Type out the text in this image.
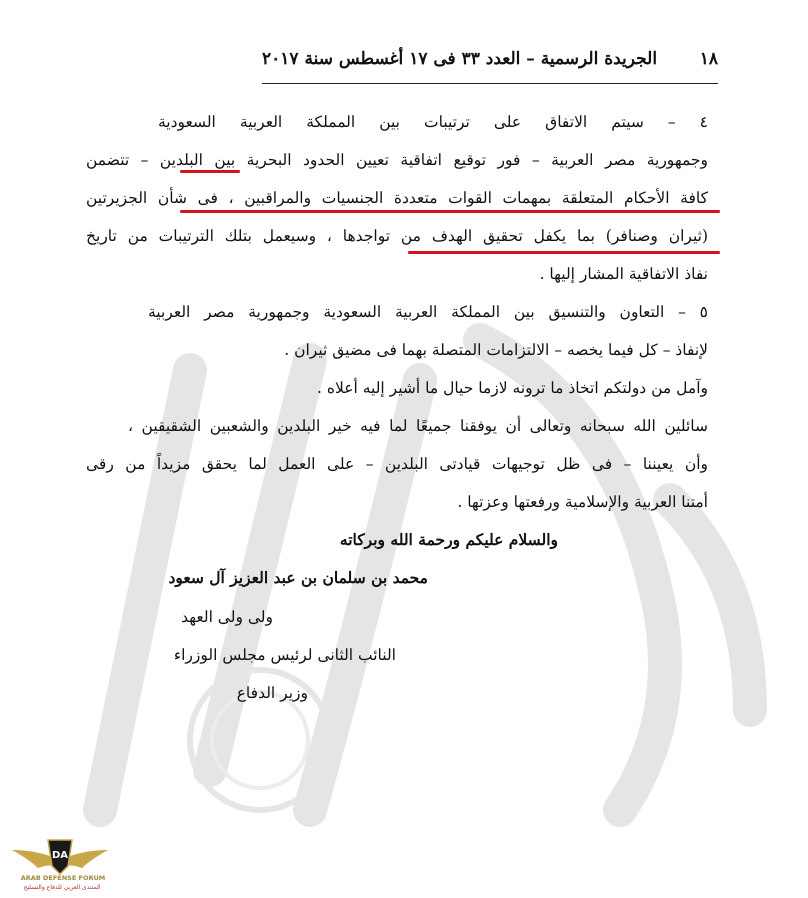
١٨
الجريدة الرسمية – العدد ٣٣ فى ١٧ أغسطس سنة ٢٠١٧
٤ – سيتم الاتفاق على ترتيبات بين المملكة العربية السعودية
وجمهورية مصر العربية – فور توقيع اتفاقية تعيين الحدود البحرية بين البلدين – تتضمن
كافة الأحكام المتعلقة بمهمات القوات متعددة الجنسيات والمراقبين ، فى شأن الجزيرتين
(ثيران وصنافر) بما يكفل تحقيق الهدف من تواجدها ، وسيعمل بتلك الترتيبات من تاريخ
نفاذ الاتفاقية المشار إليها .
٥ – التعاون والتنسيق بين المملكة العربية السعودية وجمهورية مصر العربية
لإنفاذ – كل فيما يخصه – الالتزامات المتصلة بهما فى مضيق ثيران .
وآمل من دولتكم اتخاذ ما ترونه لازما حيال ما أشير إليه أعلاه .
سائلين الله سبحانه وتعالى أن يوفقنا جميعًا لما فيه خير البلدين والشعبين الشقيقين ،
وأن يعيننا – فى ظل توجيهات قيادتى البلدين – على العمل لما يحقق مزيداً من رقى
أمتنا العربية والإسلامية ورفعتها وعزتها .
والسلام عليكم ورحمة الله وبركاته
محمد بن سلمان بن عبد العزيز آل سعود
ولى ولى العهد
النائب الثانى لرئيس مجلس الوزراء
وزير الدفاع
DA
ARAB DEFENSE FORUM
المنتدى العربي للدفاع والتسليح
